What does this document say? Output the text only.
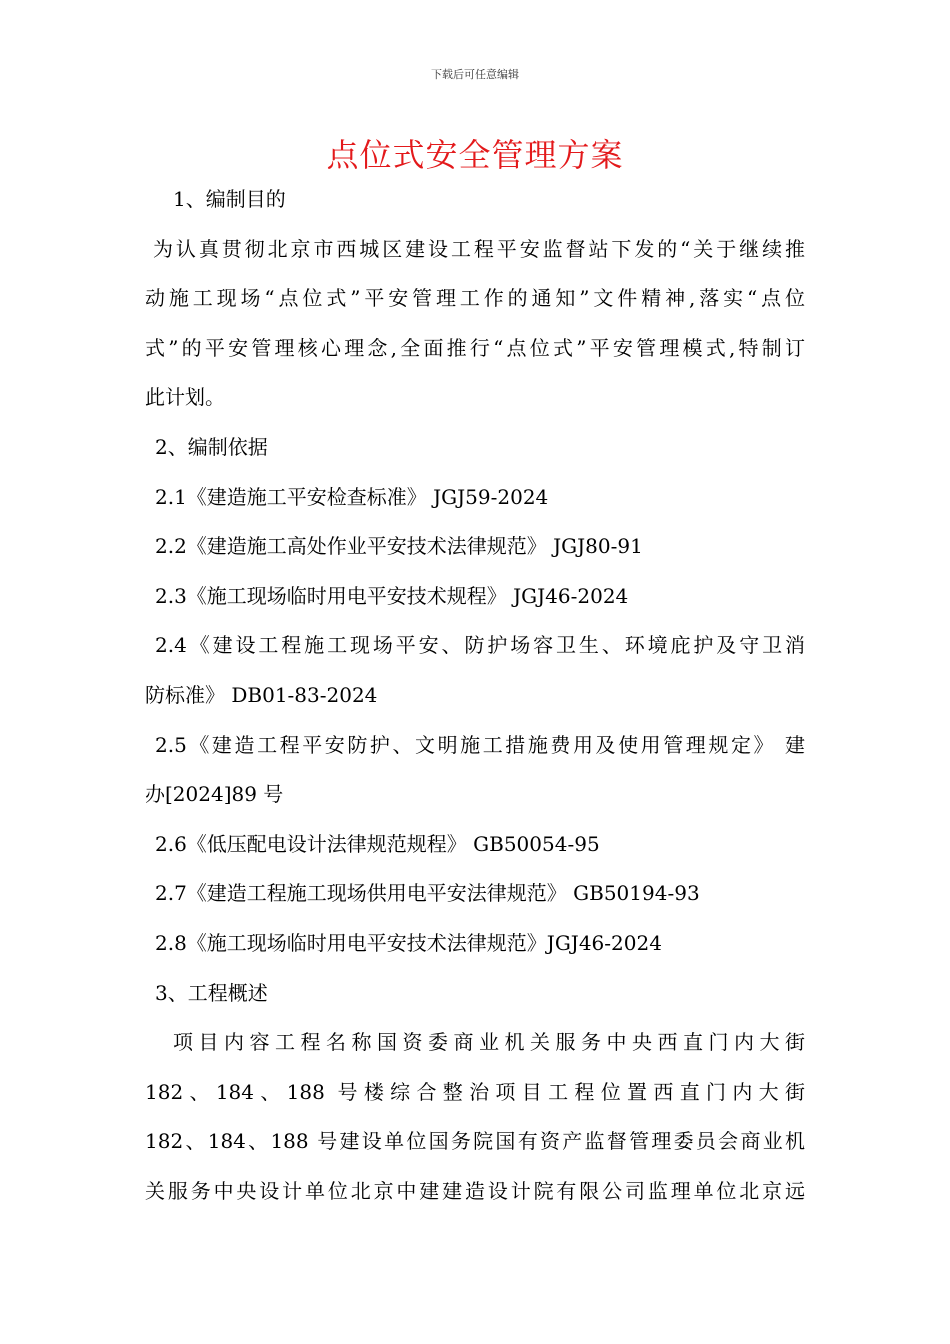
下载后可任意编辑
点位式安全管理方案
1、编制目的
为认真贯彻北京市西城区建设工程平安监督站下发的“关于继续推
动施工现场“点位式”平安管理工作的通知”文件精神,落实“点位
式”的平安管理核心理念,全面推行“点位式”平安管理模式,特制订
此计划。
2、编制依据
2.1《建造施工平安检查标准》 JGJ59-2024
2.2《建造施工高处作业平安技术法律规范》 JGJ80-91
2.3《施工现场临时用电平安技术规程》 JGJ46-2024
2.4《建设工程施工现场平安、防护场容卫生、环境庇护及守卫消
防标准》 DB01-83-2024
2.5《建造工程平安防护、文明施工措施费用及使用管理规定》 建
办[2024]89 号
2.6《低压配电设计法律规范规程》 GB50054-95
2.7《建造工程施工现场供用电平安法律规范》 GB50194-93
2.8《施工现场临时用电平安技术法律规范》JGJ46-2024
3、工程概述
项目内容工程名称国资委商业机关服务中央西直门内大街
182、184、188 号楼综合整治项目工程位置西直门内大街
182、184、188 号建设单位国务院国有资产监督管理委员会商业机
关服务中央设计单位北京中建建造设计院有限公司监理单位北京远
